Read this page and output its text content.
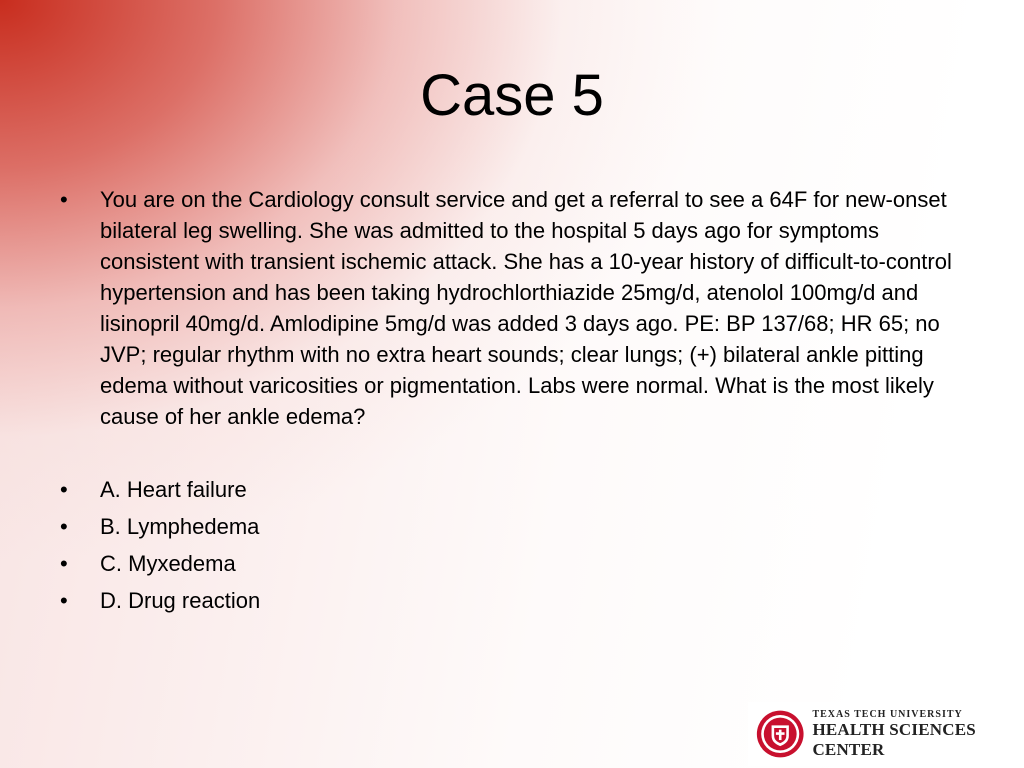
Case 5

• You are on the Cardiology consult service and get a referral to see a 64F for new-onset bilateral leg swelling. She was admitted to the hospital 5 days ago for symptoms consistent with transient ischemic attack. She has a 10-year history of difficult-to-control hypertension and has been taking hydrochlorthiazide 25mg/d, atenolol 100mg/d and lisinopril 40mg/d. Amlodipine 5mg/d was added 3 days ago. PE: BP 137/68; HR 65; no JVP; regular rhythm with no extra heart sounds; clear lungs; (+) bilateral ankle pitting edema without varicosities or pigmentation. Labs were normal. What is the most likely cause of her ankle edema?

• A. Heart failure

• B. Lymphedema

• C. Myxedema

• D. Drug reaction

TEXAS TECH UNIVERSITY
HEALTH SCIENCES CENTER
